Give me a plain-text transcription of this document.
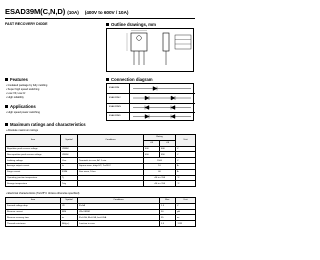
ESAD39M(C,N,D) (10A) (400V to 600V / 10A)
FAST RECOVERY DIODE	Outline drawings, mm
Features
▪ Insulated package by fully molding
▪ Super high speed switching
▪ Low VF, Low Irr
▪ High reliability
Applications
▪ High speed power switching
Connection diagram
ESAD39M
ESAD39MC
ESAD39MN
ESAD39MD
Maximum ratings and characteristics
▪ Absolute maximum ratings
Item	Symbol	Conditions	Rating		Unit
			-04	-06	
Repetitive peak reverse voltage	VRRM		400	600	V
Non-repetitive peak reverse voltage	VRSM		450	650	V
Isolating voltage	Viso	Terminals to case, AC 1 min.	1500		V
Average output current	Io	Square wave, duty=1/2, Tc=90°C	10		A
Surge current	IFSM	Sine wave, 10ms	60		A
Operating junction temperature	Tj		-40 to +150		°C
Storage temperature	Tstg		-40 to +150		°C
▪ Electrical characteristics (Ta=25°C Unless otherwise specified)
Item	Symbol	Conditions	Max.	Unit
Forward voltage drop	VF	IF=5A	1.5	V
Reverse current	IRM	VR=VRRM	50	µA
Reverse recovery time	trr	IF=0.1A, IR=0.2A, Irr=0.05A	35	ns
Thermal resistance	Rth(j-c)	Junction to case	3.5	°C/W
